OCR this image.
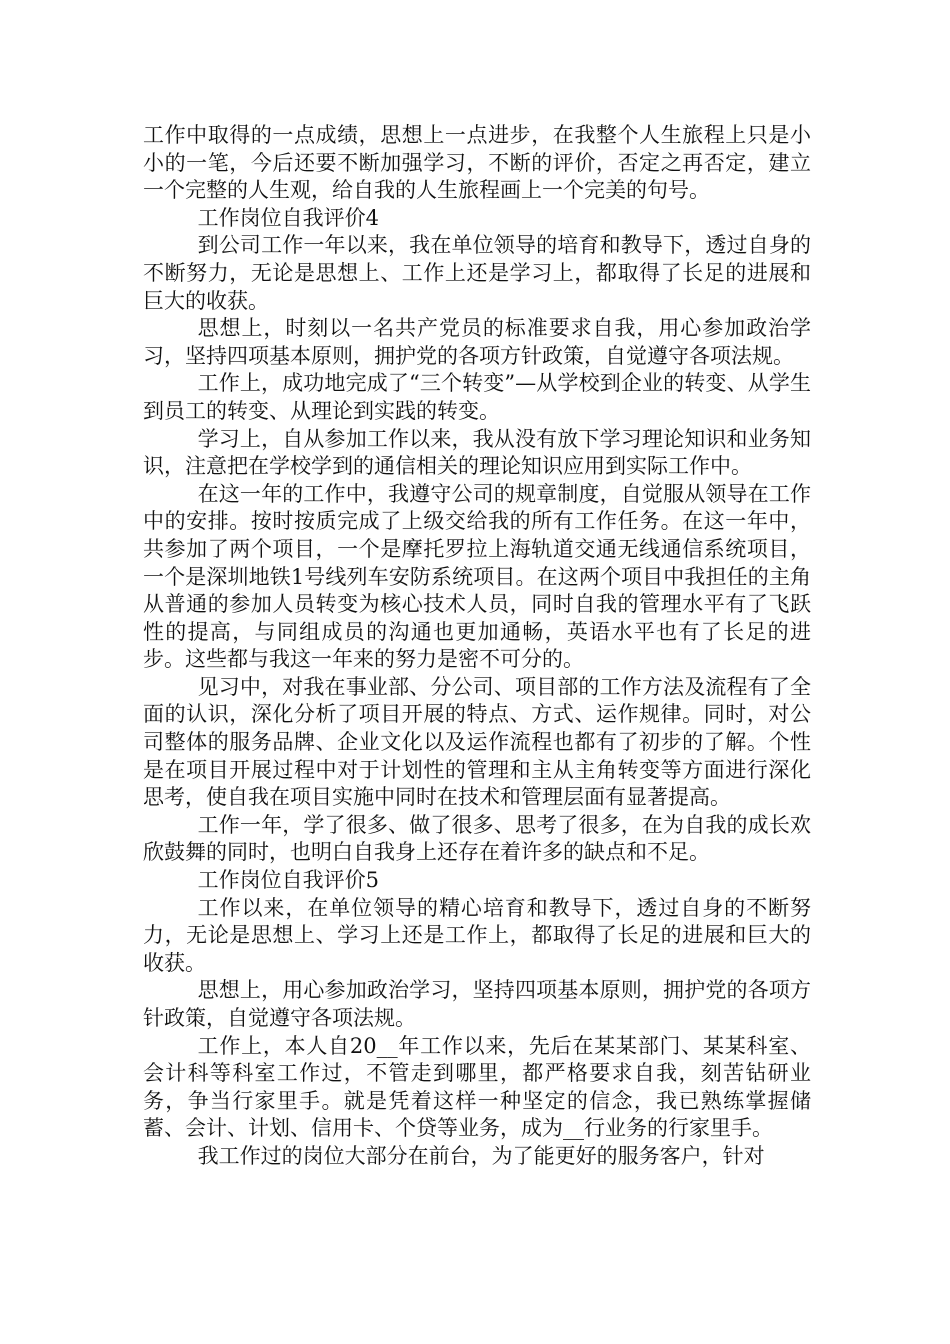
工作中取得的一点成绩，思想上一点进步，在我整个人生旅程上只是小小的一笔，今后还要不断加强学习，不断的评价，否定之再否定，建立一个完整的人生观，给自我的人生旅程画上一个完美的句号。

工作岗位自我评价4

到公司工作一年以来，我在单位领导的培育和教导下，透过自身的不断努力，无论是思想上、工作上还是学习上，都取得了长足的进展和巨大的收获。

思想上，时刻以一名共产党员的标准要求自我，用心参加政治学习，坚持四项基本原则，拥护党的各项方针政策，自觉遵守各项法规。

工作上，成功地完成了“三个转变”—从学校到企业的转变、从学生到员工的转变、从理论到实践的转变。

学习上，自从参加工作以来，我从没有放下学习理论知识和业务知识，注意把在学校学到的通信相关的理论知识应用到实际工作中。

在这一年的工作中，我遵守公司的规章制度，自觉服从领导在工作中的安排。按时按质完成了上级交给我的所有工作任务。在这一年中，共参加了两个项目，一个是摩托罗拉上海轨道交通无线通信系统项目，一个是深圳地铁1号线列车安防系统项目。在这两个项目中我担任的主角从普通的参加人员转变为核心技术人员，同时自我的管理水平有了飞跃性的提高，与同组成员的沟通也更加通畅，英语水平也有了长足的进步。这些都与我这一年来的努力是密不可分的。

见习中，对我在事业部、分公司、项目部的工作方法及流程有了全面的认识，深化分析了项目开展的特点、方式、运作规律。同时，对公司整体的服务品牌、企业文化以及运作流程也都有了初步的了解。个性是在项目开展过程中对于计划性的管理和主从主角转变等方面进行深化思考，使自我在项目实施中同时在技术和管理层面有显著提高。

工作一年，学了很多、做了很多、思考了很多，在为自我的成长欢欣鼓舞的同时，也明白自我身上还存在着许多的缺点和不足。

工作岗位自我评价5

工作以来，在单位领导的精心培育和教导下，透过自身的不断努力，无论是思想上、学习上还是工作上，都取得了长足的进展和巨大的收获。

思想上，用心参加政治学习，坚持四项基本原则，拥护党的各项方针政策，自觉遵守各项法规。

工作上，本人自20__年工作以来，先后在某某部门、某某科室、会计科等科室工作过，不管走到哪里，都严格要求自我，刻苦钻研业务，争当行家里手。就是凭着这样一种坚定的信念，我已熟练掌握储蓄、会计、计划、信用卡、个贷等业务，成为__行业务的行家里手。

我工作过的岗位大部分在前台，为了能更好的服务客户，针对
